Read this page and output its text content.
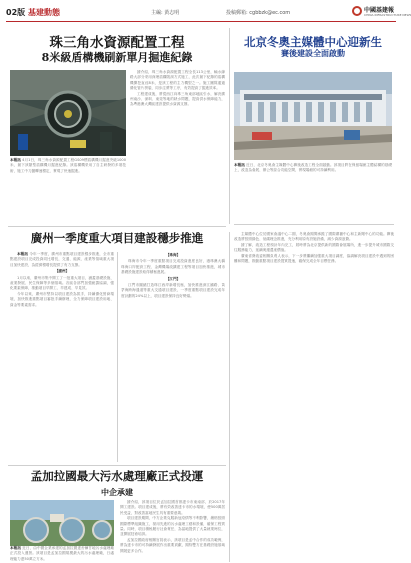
02版 基建動態	主編: 黃志明	投稿郵箱: cgbbzk@ec.com	中國基建報
CHINA INFRASTRUCTURE NEWS
珠三角水資源配置工程
8米級盾構機刷新單月掘進紀錄
本報訊 4月1日，珠三角水資源配置工程GS09標盾構機月掘進突破1000米，創下該類型盾構機月掘進紀錄。該盾構機采用了自主研發的多項技術，施工中刀盤轉速穩定，實現了快速掘進。

據介紹，珠三角水資源配置工程全長113公里，輸水線路大部分采用深埋盾構隧洞方式施工，此次創下紀錄的盾構機開挖直徑8米，是該工程的主力機型之一。施工團隊通過優化管片拼裝、同步注漿等工序，有效提高了掘進效率。

工程建成後，將從西江向珠三角東部地區引水，解決廣州南沙、深圳、東莞等地的缺水問題，提高供水保障能力，為粵港澳大灣區建設提供水資源支撐。

北京冬奧主媒體中心迎新生
賽後建設全面啟動
本報訊 近日，北京冬奧會主媒體中心賽後改造工程全面啟動。該項目將在保留場館主體結構的基礎上，改造為會展、辦公等綜合功能空間，實現場館的可持續利用。
廣州一季度重大項目建設穩步推進

本報訊 今年一季度，廣州市重點項目建設穩步推進，全市重點建設項目完成投資同比增長，交通、能源、產業等領域重大項目加快建設，為經濟穩增長提供了有力支撐。

【廣州】

1月以來，廣州市集中開工了一批重大項目，涵蓋基礎設施、產業發展、民生保障等多個領域。各區各部門加強統籌協調，強化要素保障，推動項目早開工、早建成、早見效。

今年以來，廣州市堅持以項目建設為抓手，持續優化營商環境，加快推進重點項目審批手續辦理，全力保障項目建設用地、資金等要素需求。

【珠海】

珠海市今年一季度重點項目完成投資進度良好，港珠澳大橋珠海口岸配套工程、金灣機場改擴建工程等項目加快推進，城市基礎設施建設取得積極進展。

【江門】

江門市圍繞打造珠江西岸新增長極，加快推進深江鐵路、黃茅海跨海通道等重大交通項目建設，一季度重點項目建設完成年度計劃的24%以上，項目建設保持良好勢頭。

主媒體中心位於國家會議中心二期，冬奧會期間承擔了國際廣播中心和主新聞中心的功能。賽後改造將按照綠色、低碳理念推進，充分利用原有設施設備，減少資源浪費。

據了解，改造工程預計年內完工，屆時將為北京提供新的國際會展場所，進一步提升城市國際交往服務能力，延續奧運遺產價值。

廣東省發改委相關負責人表示，下一步將繼續加強重大項目調度，協調解決項目建設中遇到的困難和問題，推動重點項目建設提質提速，確保完成全年目標任務。

孟加拉國最大污水處理廠正式投運
中企承建
本報訊 近日，由中國企業承建的孟加拉國達舍爾甘地污水處理廠正式投入運營。該項目是孟加拉國規模最大的污水處理廠，日處理能力達50萬立方米。

據介紹，該項目位於孟加拉國首都達卡市東南部，於2017年開工建設。項目建成後，將有效改善達卡市的水環境，使500萬居民受益，對改善當地民生具有重要意義。

項目建設期間，中方企業克服新冠疫情等不利影響，嚴格按照國際標準組織施工，採用先進的污水處理工藝和設備，確保工程質量。同時，項目積極履行社會責任，為當地提供了大量就業崗位，並開展技術培訓。

孟加拉國政府相關官員表示，該項目是孟中合作的成功範例，將為達卡市的可持續發展作出重要貢獻，期待雙方在基礎設施領域開展更多合作。
